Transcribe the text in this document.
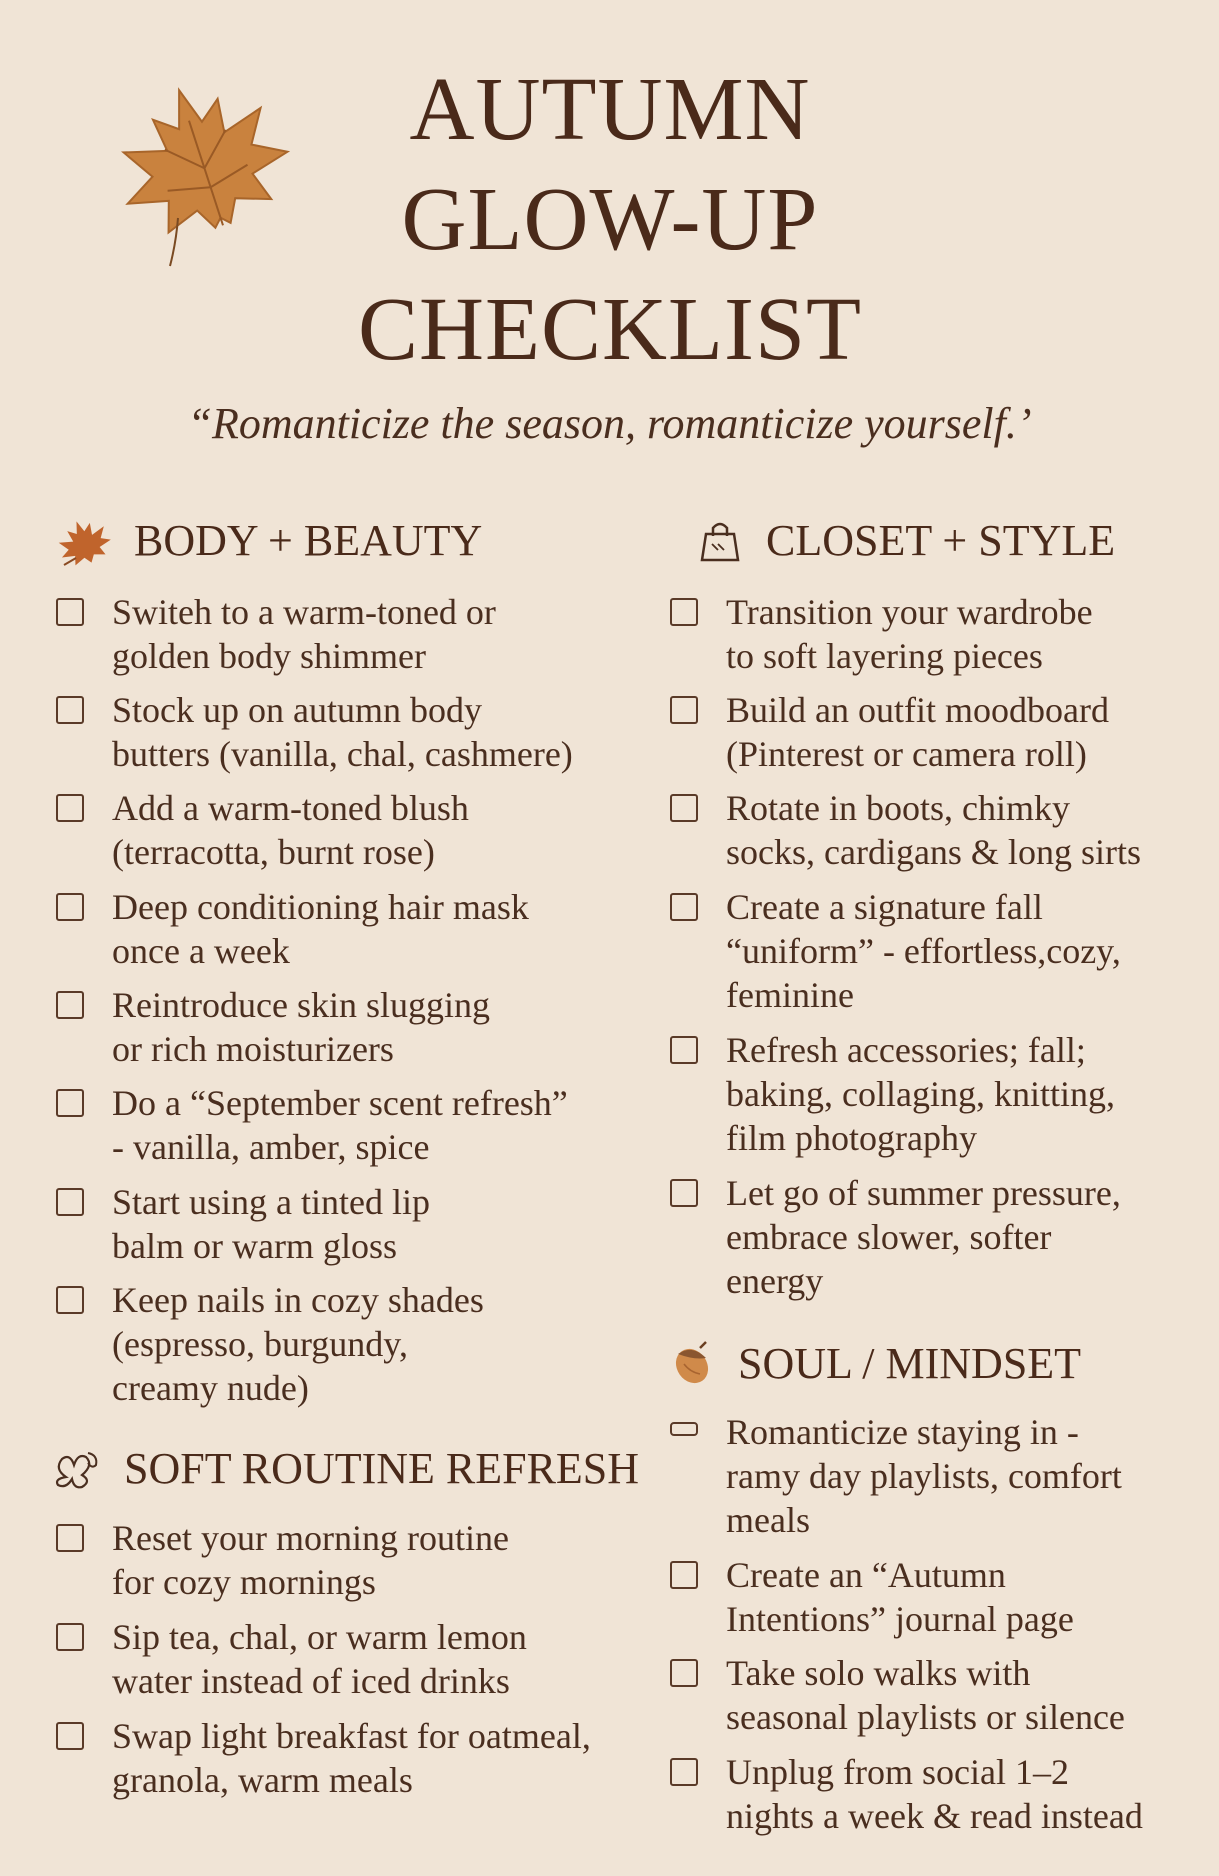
AUTUMN
GLOW-UP
CHECKLIST
“Romanticize the season, romanticize yourself.’
BODY + BEAUTY	CLOSET + STYLE
Switeh to a warm-toned or
golden body shimmer
Stock up on autumn body
butters (vanilla, chal, cashmere)
Add a warm-toned blush
(terracotta, burnt rose)
Deep conditioning hair mask
once a week
Reintroduce skin slugging
or rich moisturizers
Do a “September scent refresh”
- vanilla, amber, spice
Start using a tinted lip
balm or warm gloss
Keep nails in cozy shades
(espresso, burgundy,
creamy nude)
SOFT ROUTINE REFRESH
Reset your morning routine
for cozy mornings
Sip tea, chal, or warm lemon
water instead of iced drinks
Swap light breakfast for oatmeal,
granola, warm meals
Transition your wardrobe
to soft layering pieces
Build an outfit moodboard
(Pinterest or camera roll)
Rotate in boots, chimky
socks, cardigans & long sirts
Create a signature fall
“uniform” - effortless,cozy,
feminine
Refresh accessories; fall;
baking, collaging, knitting,
film photography
Let go of summer pressure,
embrace slower, softer
energy
SOUL / MINDSET
Romanticize staying in -
ramy day playlists, comfort
meals
Create an “Autumn
Intentions” journal page
Take solo walks with
seasonal playlists or silence
Unplug from social 1–2
nights a week & read instead
